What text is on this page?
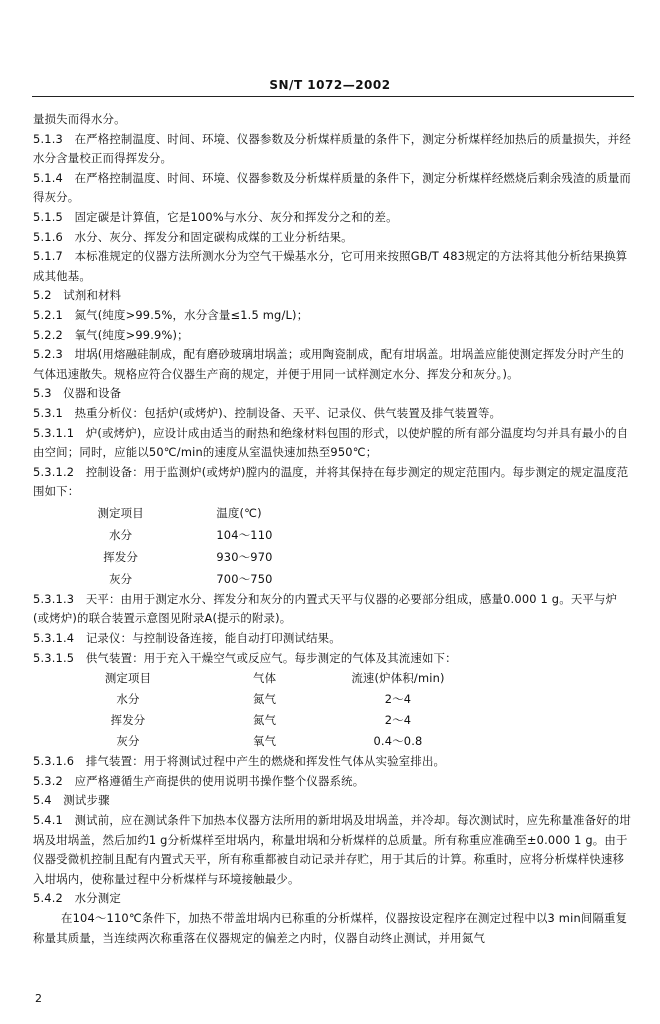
SN/T 1072—2002

量损失而得水分。

5.1.3　在严格控制温度、时间、环境、仪器参数及分析煤样质量的条件下，测定分析煤样经加热后的质量损失，并经水分含量校正而得挥发分。

5.1.4　在严格控制温度、时间、环境、仪器参数及分析煤样质量的条件下，测定分析煤样经燃烧后剩余残渣的质量而得灰分。

5.1.5　固定碳是计算值，它是100%与水分、灰分和挥发分之和的差。

5.1.6　水分、灰分、挥发分和固定碳构成煤的工业分析结果。

5.1.7　本标准规定的仪器方法所测水分为空气干燥基水分，它可用来按照GB/T 483规定的方法将其他分析结果换算成其他基。

5.2　试剂和材料

5.2.1　氮气(纯度>99.5%，水分含量≤1.5 mg/L)；

5.2.2　氧气(纯度>99.9%)；

5.2.3　坩埚(用熔融硅制成，配有磨砂玻璃坩埚盖；或用陶瓷制成，配有坩埚盖。坩埚盖应能使测定挥发分时产生的气体迅速散失。规格应符合仪器生产商的规定，并便于用同一试样测定水分、挥发分和灰分。)。

5.3　仪器和设备

5.3.1　热重分析仪：包括炉(或烤炉)、控制设备、天平、记录仪、供气装置及排气装置等。

5.3.1.1　炉(或烤炉)，应设计成由适当的耐热和绝缘材料包围的形式，以使炉膛的所有部分温度均匀并具有最小的自由空间；同时，应能以50℃/min的速度从室温快速加热至950℃；

5.3.1.2　控制设备：用于监测炉(或烤炉)膛内的温度，并将其保持在每步测定的规定范围内。每步测定的规定温度范围如下：

测定项目	温度(℃)
水分	104～110
挥发分	930～970
灰分	700～750

5.3.1.3　天平：由用于测定水分、挥发分和灰分的内置式天平与仪器的必要部分组成，感量0.000 1 g。天平与炉(或烤炉)的联合装置示意图见附录A(提示的附录)。

5.3.1.4　记录仪：与控制设备连接，能自动打印测试结果。

5.3.1.5　供气装置：用于充入干燥空气或反应气。每步测定的气体及其流速如下：

测定项目	气体	流速(炉体积/min)
水分	氮气	2～4
挥发分	氮气	2～4
灰分	氧气	0.4～0.8

5.3.1.6　排气装置：用于将测试过程中产生的燃烧和挥发性气体从实验室排出。

5.3.2　应严格遵循生产商提供的使用说明书操作整个仪器系统。

5.4　测试步骤

5.4.1　测试前，应在测试条件下加热本仪器方法所用的新坩埚及坩埚盖，并冷却。每次测试时，应先称量准备好的坩埚及坩埚盖，然后加约1 g分析煤样至坩埚内，称量坩埚和分析煤样的总质量。所有称重应准确至±0.000 1 g。由于仪器受微机控制且配有内置式天平，所有称重都被自动记录并存贮，用于其后的计算。称重时，应将分析煤样快速移入坩埚内，使称量过程中分析煤样与环境接触最少。

5.4.2　水分测定

在104～110℃条件下，加热不带盖坩埚内已称重的分析煤样，仪器按设定程序在测定过程中以3 min间隔重复称量其质量，当连续两次称重落在仪器规定的偏差之内时，仪器自动终止测试，并用氮气

2
